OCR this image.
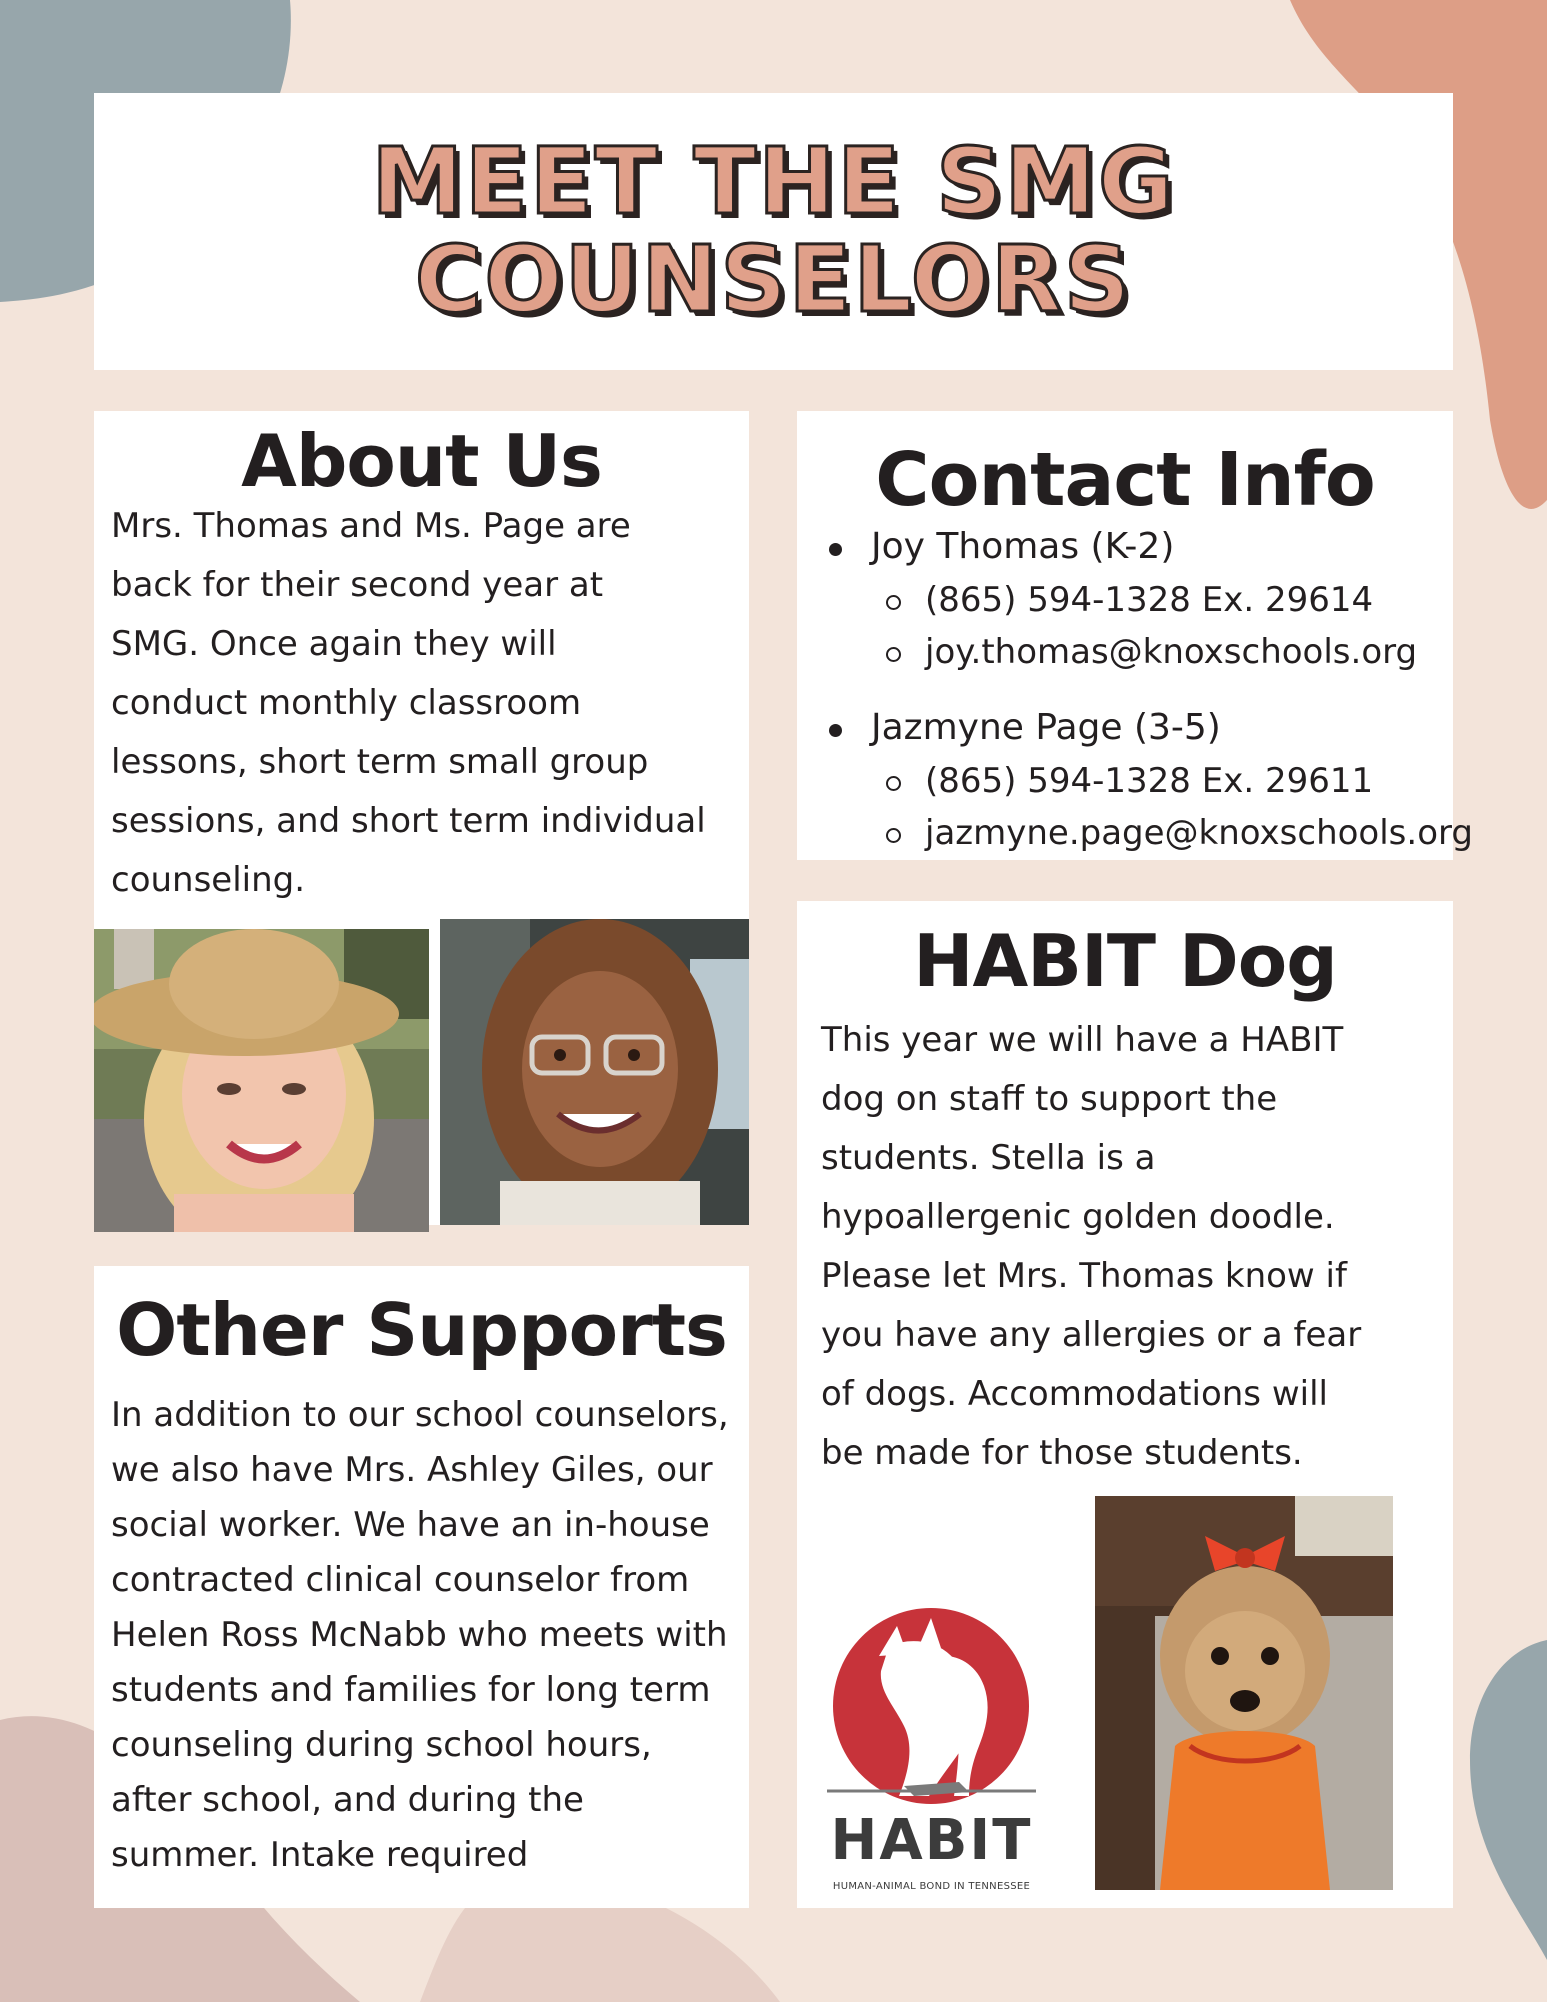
MEET THE SMG
COUNSELORS
About Us
Mrs. Thomas and Ms. Page are
back for their second year at
SMG. Once again they will
conduct monthly classroom
lessons, short term small group
sessions, and short term individual
counseling.
Contact Info
Joy Thomas (K-2)
(865) 594-1328 Ex. 29614
joy.thomas@knoxschools.org
Jazmyne Page (3-5)
(865) 594-1328 Ex. 29611
jazmyne.page@knoxschools.org
HABIT Dog
This year we will have a HABIT
dog on staff to support the
students. Stella is a
hypoallergenic golden doodle.
Please let Mrs. Thomas know if
you have any allergies or a fear
of dogs. Accommodations will
be made for those students.
HABIT
HUMAN-ANIMAL BOND IN TENNESSEE
Other Supports
In addition to our school counselors,
we also have Mrs. Ashley Giles, our
social worker. We have an in-house
contracted clinical counselor from
Helen Ross McNabb who meets with
students and families for long term
counseling during school hours,
after school, and during the
summer. Intake required
